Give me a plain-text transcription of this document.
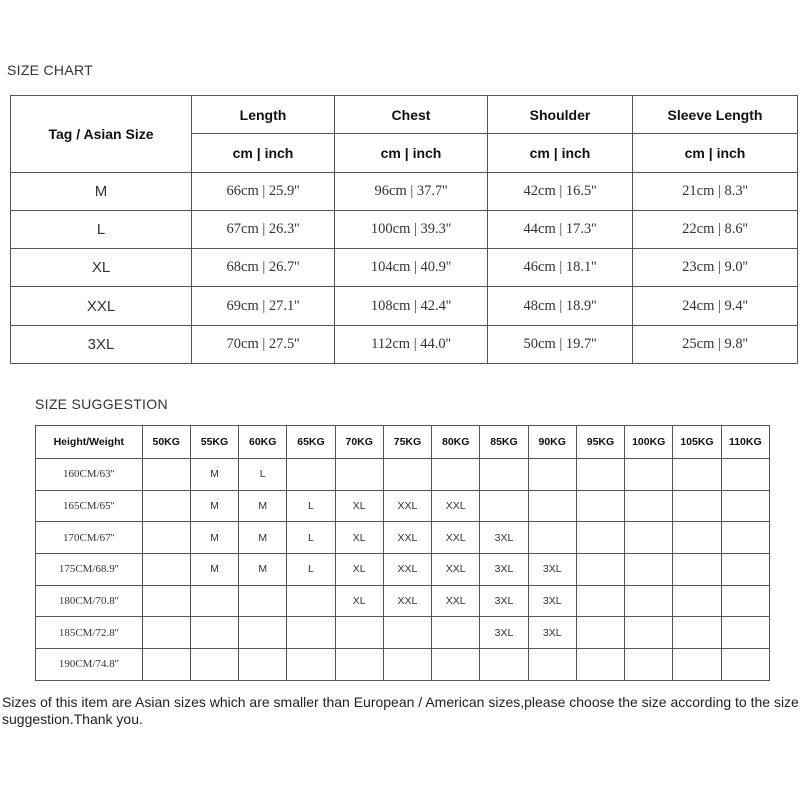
SIZE CHART
Tag / Asian Size	Length	Chest	Shoulder	Sleeve Length
	cm | inch	cm | inch	cm | inch	cm | inch
M	66cm | 25.9''	96cm | 37.7''	42cm | 16.5''	21cm | 8.3''
L	67cm | 26.3''	100cm | 39.3''	44cm | 17.3''	22cm | 8.6''
XL	68cm | 26.7''	104cm | 40.9''	46cm | 18.1''	23cm | 9.0''
XXL	69cm | 27.1''	108cm | 42.4''	48cm | 18.9''	24cm | 9.4''
3XL	70cm | 27.5''	112cm | 44.0''	50cm | 19.7''	25cm | 9.8''
SIZE SUGGESTION
Height/Weight	50KG	55KG	60KG	65KG	70KG	75KG	80KG	85KG	90KG	95KG	100KG	105KG	110KG
160CM/63''		M	L										
165CM/65''		M	M	L	XL	XXL	XXL						
170CM/67''		M	M	L	XL	XXL	XXL	3XL					
175CM/68.9''		M	M	L	XL	XXL	XXL	3XL	3XL				
180CM/70.8''					XL	XXL	XXL	3XL	3XL				
185CM/72.8''								3XL	3XL				
190CM/74.8''													

Sizes of this item are Asian sizes which are smaller than European / American sizes,please choose the size according to the size suggestion.Thank you.
